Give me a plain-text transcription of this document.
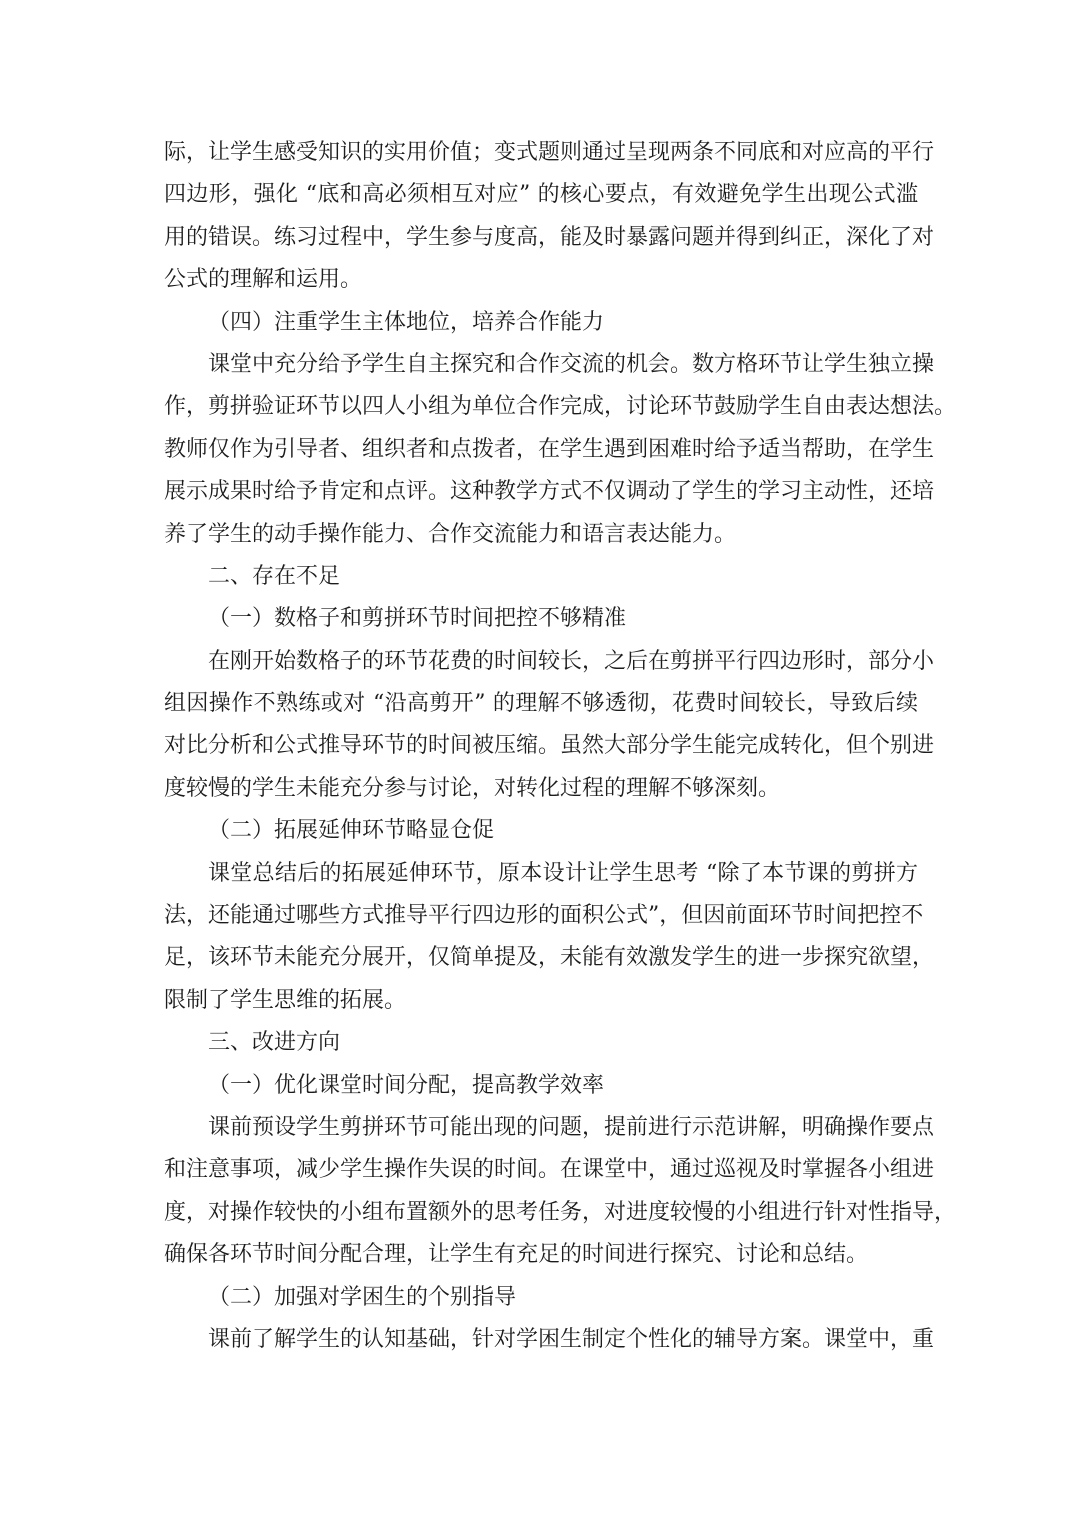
际，让学生感受知识的实用价值；变式题则通过呈现两条不同底和对应高的平行
四边形，强化 “底和高必须相互对应” 的核心要点，有效避免学生出现公式滥
用的错误。练习过程中，学生参与度高，能及时暴露问题并得到纠正，深化了对
公式的理解和运用。
（四）注重学生主体地位，培养合作能力
课堂中充分给予学生自主探究和合作交流的机会。数方格环节让学生独立操
作，剪拼验证环节以四人小组为单位合作完成，讨论环节鼓励学生自由表达想法。
教师仅作为引导者、组织者和点拨者，在学生遇到困难时给予适当帮助，在学生
展示成果时给予肯定和点评。这种教学方式不仅调动了学生的学习主动性，还培
养了学生的动手操作能力、合作交流能力和语言表达能力。
二、存在不足
（一）数格子和剪拼环节时间把控不够精准
在刚开始数格子的环节花费的时间较长，之后在剪拼平行四边形时，部分小
组因操作不熟练或对 “沿高剪开” 的理解不够透彻，花费时间较长，导致后续
对比分析和公式推导环节的时间被压缩。虽然大部分学生能完成转化，但个别进
度较慢的学生未能充分参与讨论，对转化过程的理解不够深刻。
（二）拓展延伸环节略显仓促
课堂总结后的拓展延伸环节，原本设计让学生思考 “除了本节课的剪拼方
法，还能通过哪些方式推导平行四边形的面积公式”，但因前面环节时间把控不
足，该环节未能充分展开，仅简单提及，未能有效激发学生的进一步探究欲望，
限制了学生思维的拓展。
三、改进方向
（一）优化课堂时间分配，提高教学效率
课前预设学生剪拼环节可能出现的问题，提前进行示范讲解，明确操作要点
和注意事项，减少学生操作失误的时间。在课堂中，通过巡视及时掌握各小组进
度，对操作较快的小组布置额外的思考任务，对进度较慢的小组进行针对性指导，
确保各环节时间分配合理，让学生有充足的时间进行探究、讨论和总结。
（二）加强对学困生的个别指导
课前了解学生的认知基础，针对学困生制定个性化的辅导方案。课堂中，重
